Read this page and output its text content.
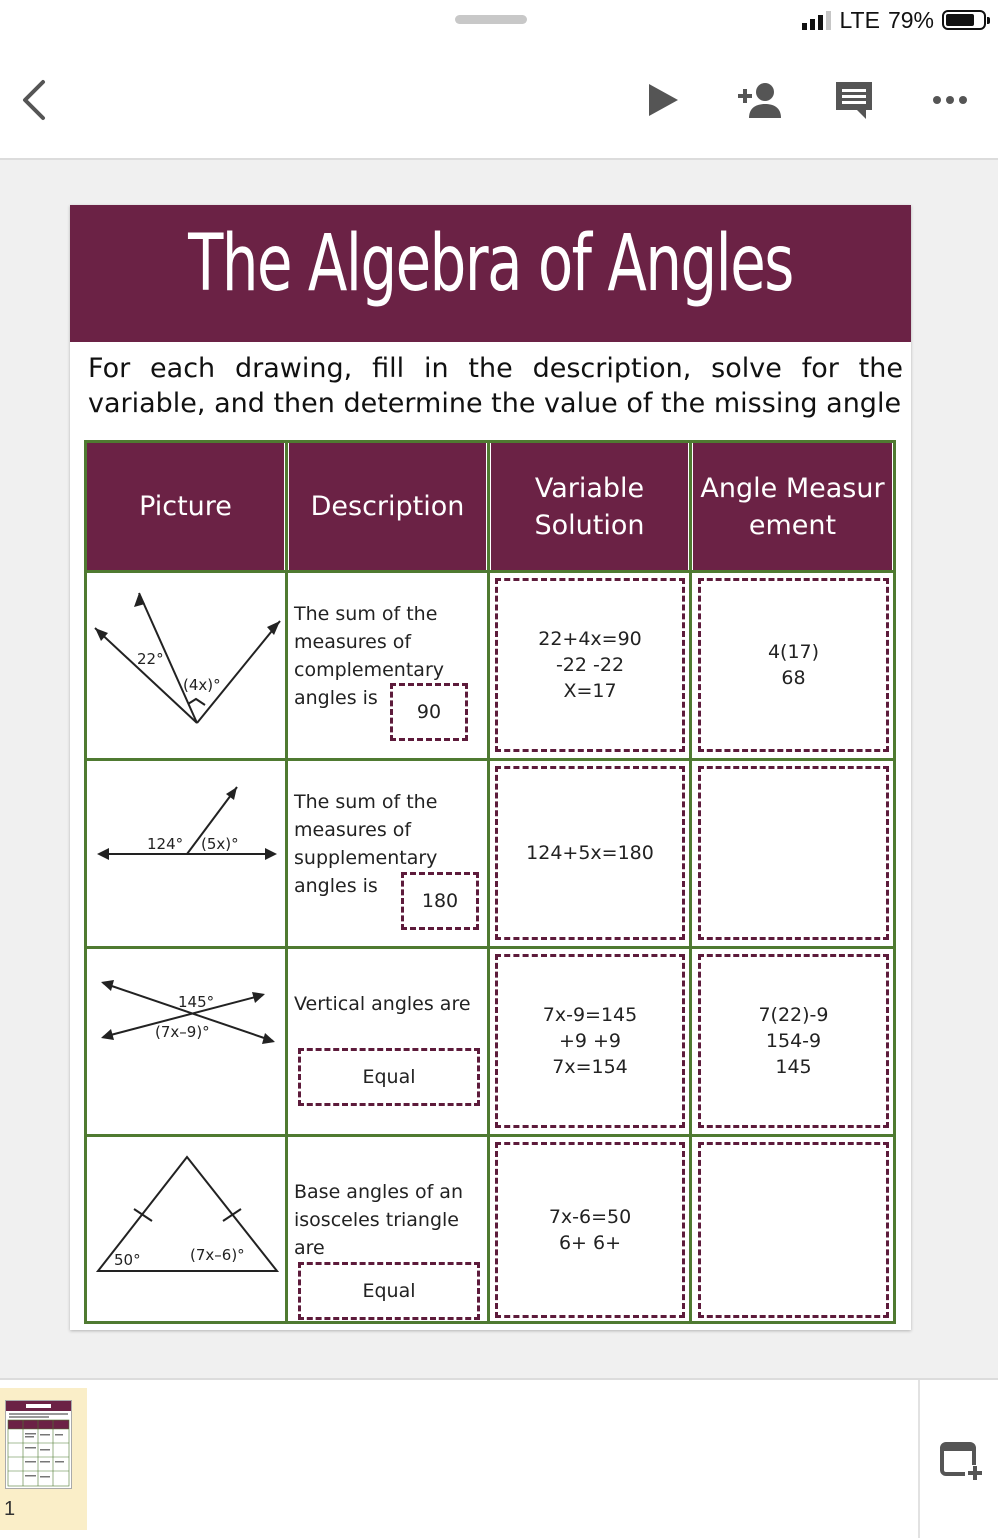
LTE 79%
The Algebra of Angles
For each drawing, fill in the description, solve for the variable, and then determine the value of the missing angle
Picture	Description
Variable Solution
Angle Measurement
22°
(4x)°
The sum of the measures of complementary angles is
90
22+4x=90
-22 -22
X=17
4(17)
68
124° (5x)°
The sum of the measures of supplementary angles is
180
124+5x=180
145°
(7x–9)°
Vertical angles are
Equal
7x-9=145
+9 +9
7x=154
7(22)-9
154-9
145
50°	(7x–6)°
Base angles of an isosceles triangle are
Equal
7x-6=50
6+ 6+
1
